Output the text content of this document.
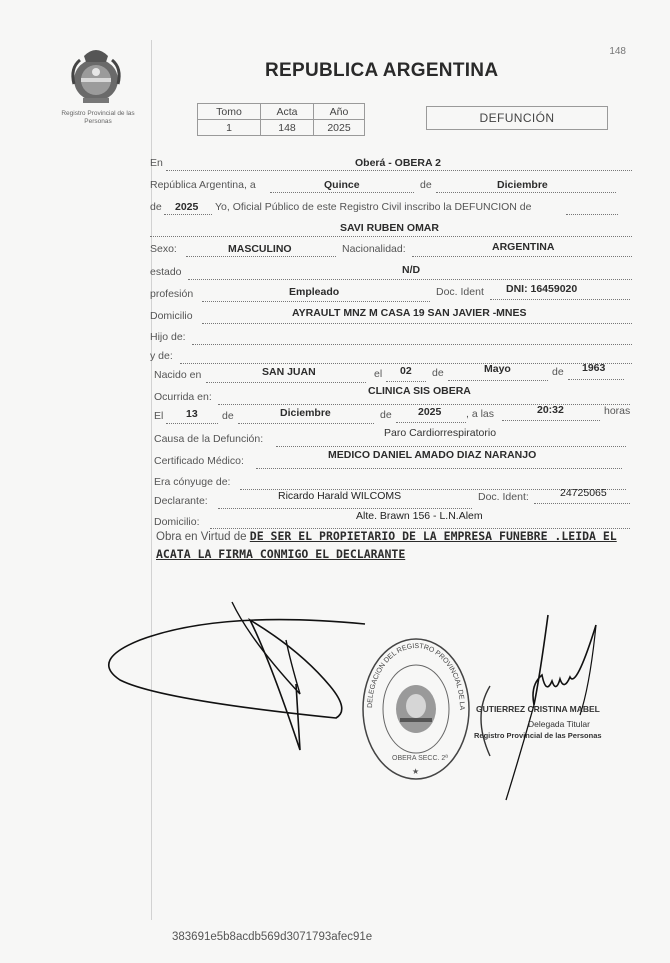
Registro Provincial de las Personas
148
REPUBLICA ARGENTINA
Tomo	Acta	Año
1	148	2025
DEFUNCIÓN
En	Oberá - OBERA 2
República Argentina, a	Quince	de	Diciembre
de 2025 Yo, Oficial Público de este Registro Civil inscribo la DEFUNCION de
SAVI RUBEN OMAR
Sexo:	MASCULINO	Nacionalidad:	ARGENTINA
estado	N/D
profesión	Empleado	Doc. Ident DNI: 16459020
Domicilio	AYRAULT MNZ M CASA 19 SAN JAVIER -MNES
Hijo de:
y de:
Nacido en	SAN JUAN	el 02 de	Mayo	de 1963
Ocurrida en:	CLINICA SIS OBERA
El 13 de	Diciembre	de	2025 , a las	20:32	horas
Causa de la Defunción:	Paro Cardiorrespiratorio
Certificado Médico:	MEDICO DANIEL AMADO DIAZ NARANJO
Era cónyuge de:
Declarante:	Ricardo Harald WILCOMS	Doc. Ident:	24725065
Domicilio:	Alte. Brawn 156 - L.N.Alem
Obra en Virtud de DE SER EL PROPIETARIO DE LA EMPRESA FUNEBRE .LEIDA EL
ACATA LA FIRMA CONMIGO EL DECLARANTE
DELEGACION DEL REGISTRO PROVINCIAL DE LA
OBERA SECC. 2ª
★
GUTIERREZ CRISTINA MABEL
Delegada Titular
Registro Provincial de las Personas
383691e5b8acdb569d3071793afec91e
